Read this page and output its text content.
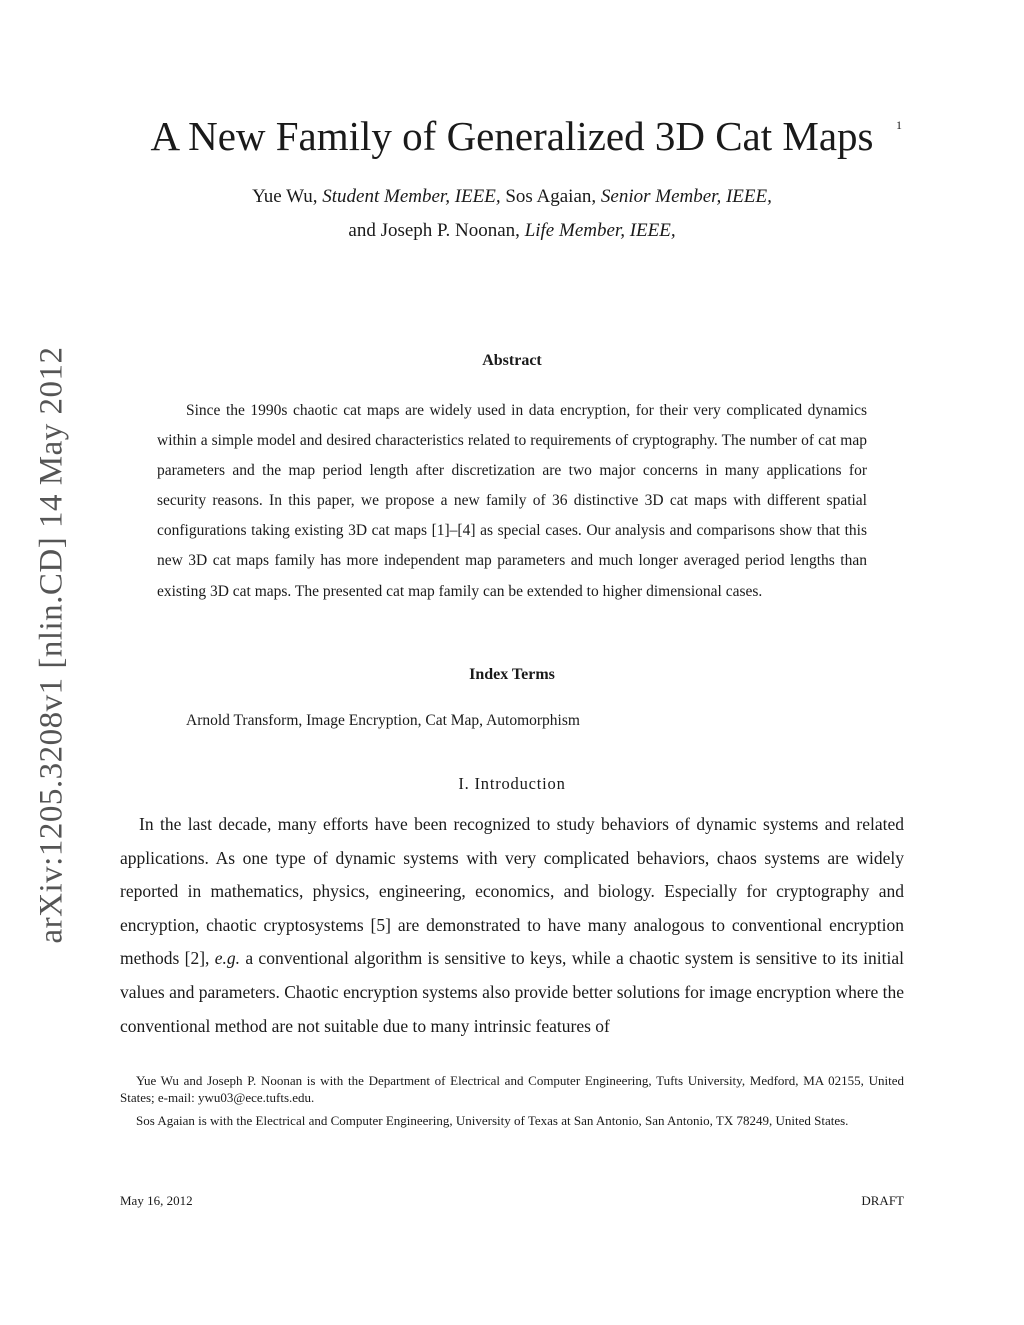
arXiv:1205.3208v1 [nlin.CD] 14 May 2012
A New Family of Generalized 3D Cat Maps	1
Yue Wu, Student Member, IEEE, Sos Agaian, Senior Member, IEEE,
and Joseph P. Noonan, Life Member, IEEE,
Abstract

Since the 1990s chaotic cat maps are widely used in data encryption, for their very complicated dynamics within a simple model and desired characteristics related to requirements of cryptography. The number of cat map parameters and the map period length after discretization are two major concerns in many applications for security reasons. In this paper, we propose a new family of 36 distinctive 3D cat maps with different spatial configurations taking existing 3D cat maps [1]–[4] as special cases. Our analysis and comparisons show that this new 3D cat maps family has more independent map parameters and much longer averaged period lengths than existing 3D cat maps. The presented cat map family can be extended to higher dimensional cases.

Index Terms
Arnold Transform, Image Encryption, Cat Map, Automorphism
I. Introduction

In the last decade, many efforts have been recognized to study behaviors of dynamic systems and related applications. As one type of dynamic systems with very complicated behaviors, chaos systems are widely reported in mathematics, physics, engineering, economics, and biology. Especially for cryptography and encryption, chaotic cryptosystems [5] are demonstrated to have many analogous to conventional encryption methods [2], e.g. a conventional algorithm is sensitive to keys, while a chaotic system is sensitive to its initial values and parameters. Chaotic encryption systems also provide better solutions for image encryption where the conventional method are not suitable due to many intrinsic features of

Yue Wu and Joseph P. Noonan is with the Department of Electrical and Computer Engineering, Tufts University, Medford, MA 02155, United States; e-mail: ywu03@ece.tufts.edu.

Sos Agaian is with the Electrical and Computer Engineering, University of Texas at San Antonio, San Antonio, TX 78249, United States.

May 16, 2012	DRAFT
